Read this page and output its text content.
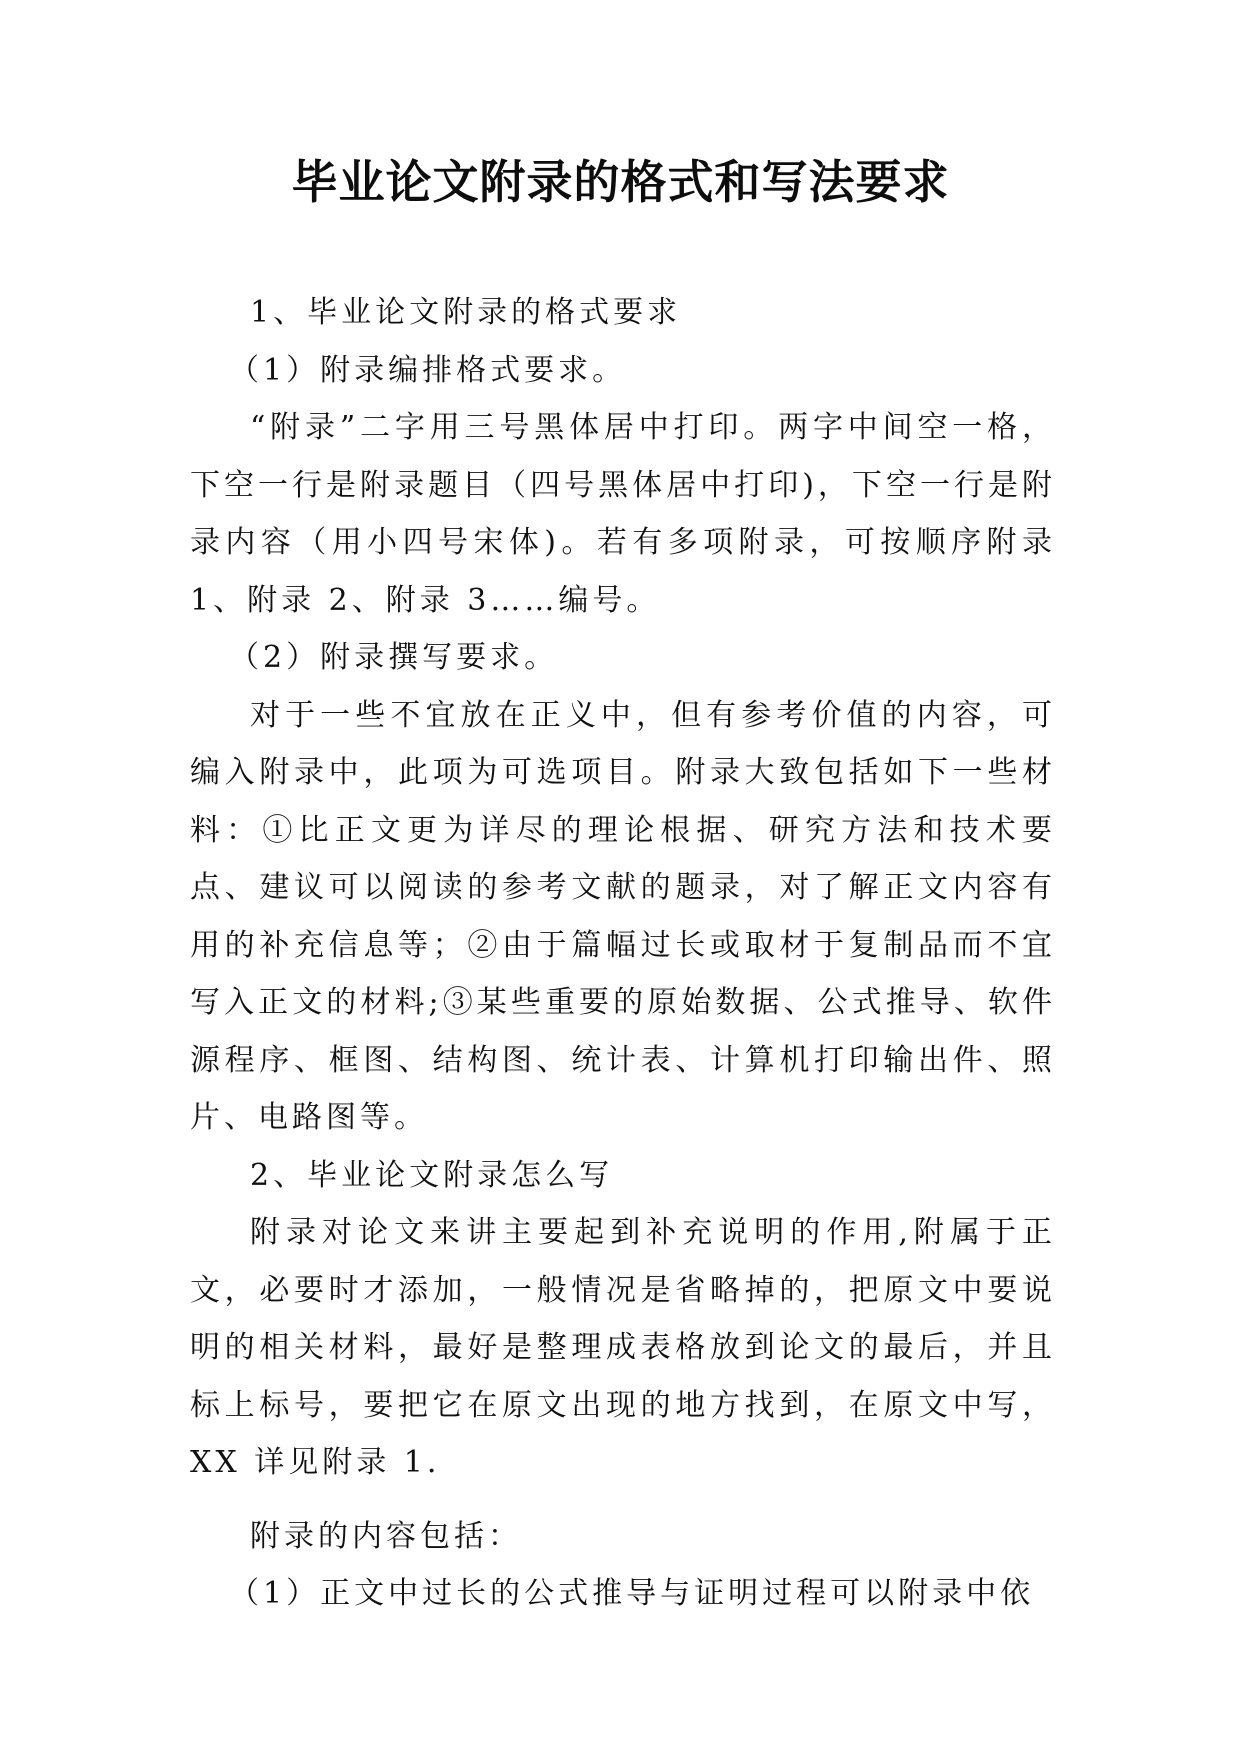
毕业论文附录的格式和写法要求

1、毕业论文附录的格式要求

（1）附录编排格式要求。

“附录”二字用三号黑体居中打印。两字中间空一格，下空一行是附录题目（四号黑体居中打印)，下空一行是附录内容（用小四号宋体)。若有多项附录，可按顺序附录 1、附录 2、附录 3……编号。

（2）附录撰写要求。

对于一些不宜放在正义中，但有参考价值的内容，可编入附录中，此项为可选项目。附录大致包括如下一些材料：①比正文更为详尽的理论根据、研究方法和技术要点、建议可以阅读的参考文献的题录，对了解正文内容有用的补充信息等；②由于篇幅过长或取材于复制品而不宜写入正文的材料;③某些重要的原始数据、公式推导、软件源程序、框图、结构图、统计表、计算机打印输出件、照片、电路图等。

2、毕业论文附录怎么写

附录对论文来讲主要起到补充说明的作用,附属于正文，必要时才添加，一般情况是省略掉的，把原文中要说明的相关材料，最好是整理成表格放到论文的最后，并且标上标号，要把它在原文出现的地方找到，在原文中写，XX 详见附录 1.

附录的内容包括：

（1）正文中过长的公式推导与证明过程可以附录中依
